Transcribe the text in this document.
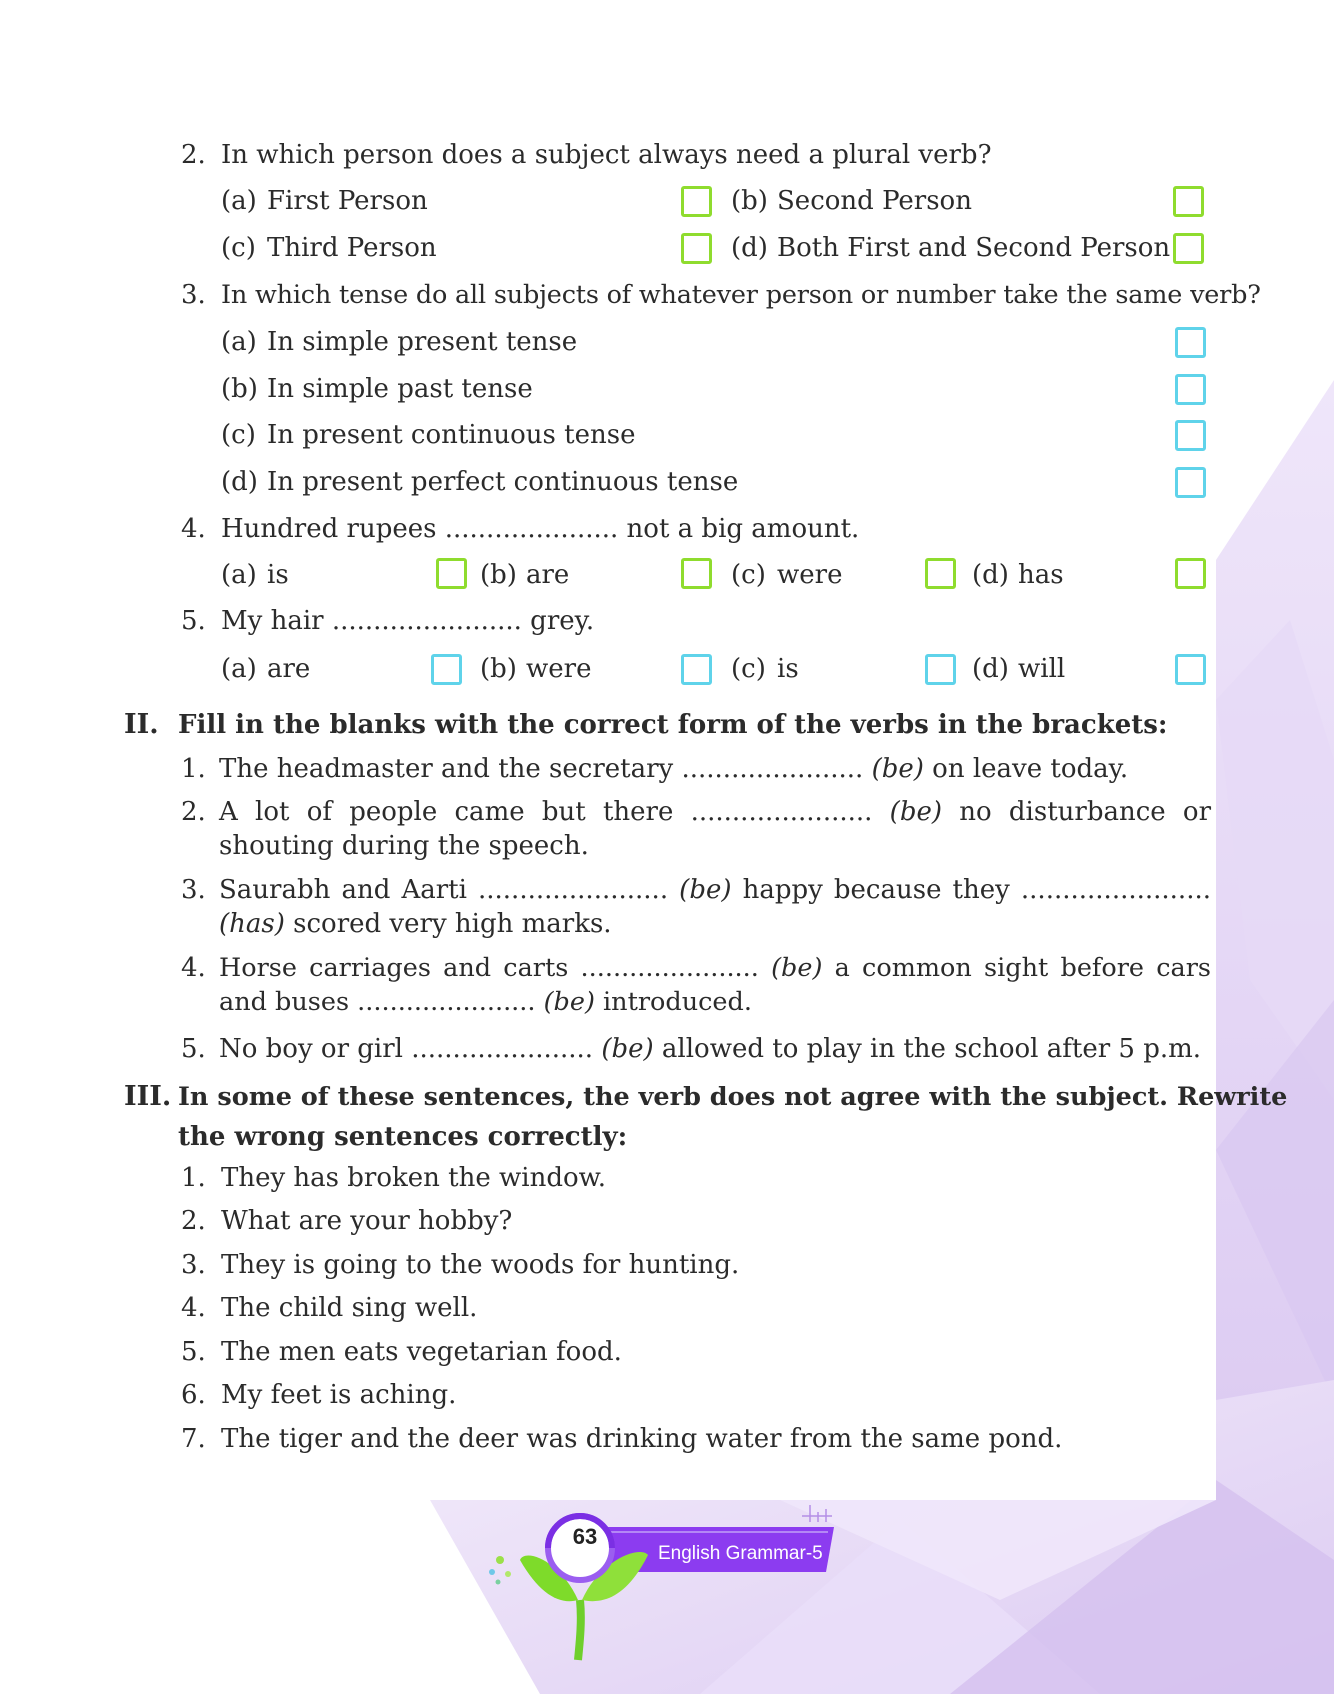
2. In which person does a subject always need a plural verb?
(a) First Person	(b) Second Person
(c) Third Person	(d) Both First and Second Person
3. In which tense do all subjects of whatever person or number take the same verb?
(a) In simple present tense
(b) In simple past tense
(c) In present continuous tense
(d) In present perfect continuous tense
4. Hundred rupees ..................... not a big amount.
(a) is	(b) are	(c) were	(d) has
5. My hair ....................... grey.
(a) are	(b) were	(c) is	(d) will
II. Fill in the blanks with the correct form of the verbs in the brackets:
1. The headmaster and the secretary ...................... (be) on leave today.
2. A lot of people came but there ...................... (be) no disturbance or shouting during the speech.
3. Saurabh and Aarti ....................... (be) happy because they ....................... (has) scored very high marks.
4. Horse carriages and carts ...................... (be) a common sight before cars and buses ...................... (be) introduced.
5. No boy or girl ...................... (be) allowed to play in the school after 5 p.m.
III. In some of these sentences, the verb does not agree with the subject. Rewrite
the wrong sentences correctly:
1. They has broken the window.
2. What are your hobby?
3. They is going to the woods for hunting.
4. The child sing well.
5. The men eats vegetarian food.
6. My feet is aching.
7. The tiger and the deer was drinking water from the same pond.
63
English Grammar-5
